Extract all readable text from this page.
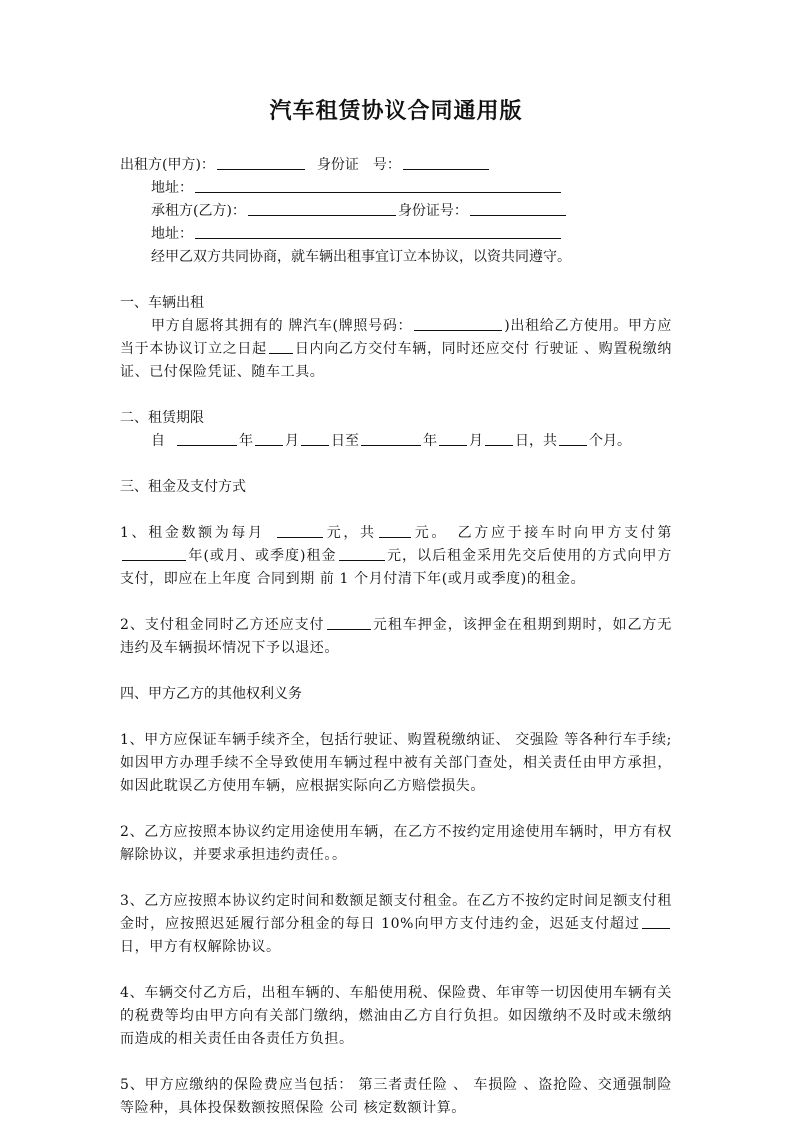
汽车租赁协议合同通用版
出租方(甲方)：	身份证　号：
地址：
承租方(乙方)：	身份证号：
地址：
经甲乙双方共同协商，就车辆出租事宜订立本协议，以资共同遵守。
一、车辆出租
甲方自愿将其拥有的 牌汽车(牌照号码：	)出租给乙方使用。甲方应当于本协议订立之日起 日内向乙方交付车辆，同时还应交付 行驶证 、购置税缴纳证、已付保险凭证、随车工具。
二、租赁期限
自	年 月 日至	年 月 日，共 个月。
三、租金及支付方式
1、租金数额为每月	元，共	元。　乙方应于接车时向甲方支付第年(或月、或季度)租金	元，以后租金采用先交后使用的方式向甲方支付，即应在上年度 合同到期 前 1 个月付清下年(或月或季度)的租金。
2、支付租金同时乙方还应支付	元租车押金，该押金在租期到期时，如乙方无违约及车辆损坏情况下予以退还。
四、甲方乙方的其他权利义务
1、甲方应保证车辆手续齐全，包括行驶证、购置税缴纳证、 交强险 等各种行车手续;如因甲方办理手续不全导致使用车辆过程中被有关部门查处，相关责任由甲方承担，如因此耽误乙方使用车辆，应根据实际向乙方赔偿损失。
2、乙方应按照本协议约定用途使用车辆，在乙方不按约定用途使用车辆时，甲方有权解除协议，并要求承担违约责任。。
3、乙方应按照本协议约定时间和数额足额支付租金。在乙方不按约定时间足额支付租金时，应按照迟延履行部分租金的每日 10%向甲方支付违约金，迟延支付超过日，甲方有权解除协议。
4、车辆交付乙方后，出租车辆的、车船使用税、保险费、年审等一切因使用车辆有关的税费等均由甲方向有关部门缴纳，燃油由乙方自行负担。如因缴纳不及时或未缴纳而造成的相关责任由各责任方负担。
5、甲方应缴纳的保险费应当包括： 第三者责任险 、 车损险 、盗抢险、交通强制险等险种，具体投保数额按照保险 公司 核定数额计算。
